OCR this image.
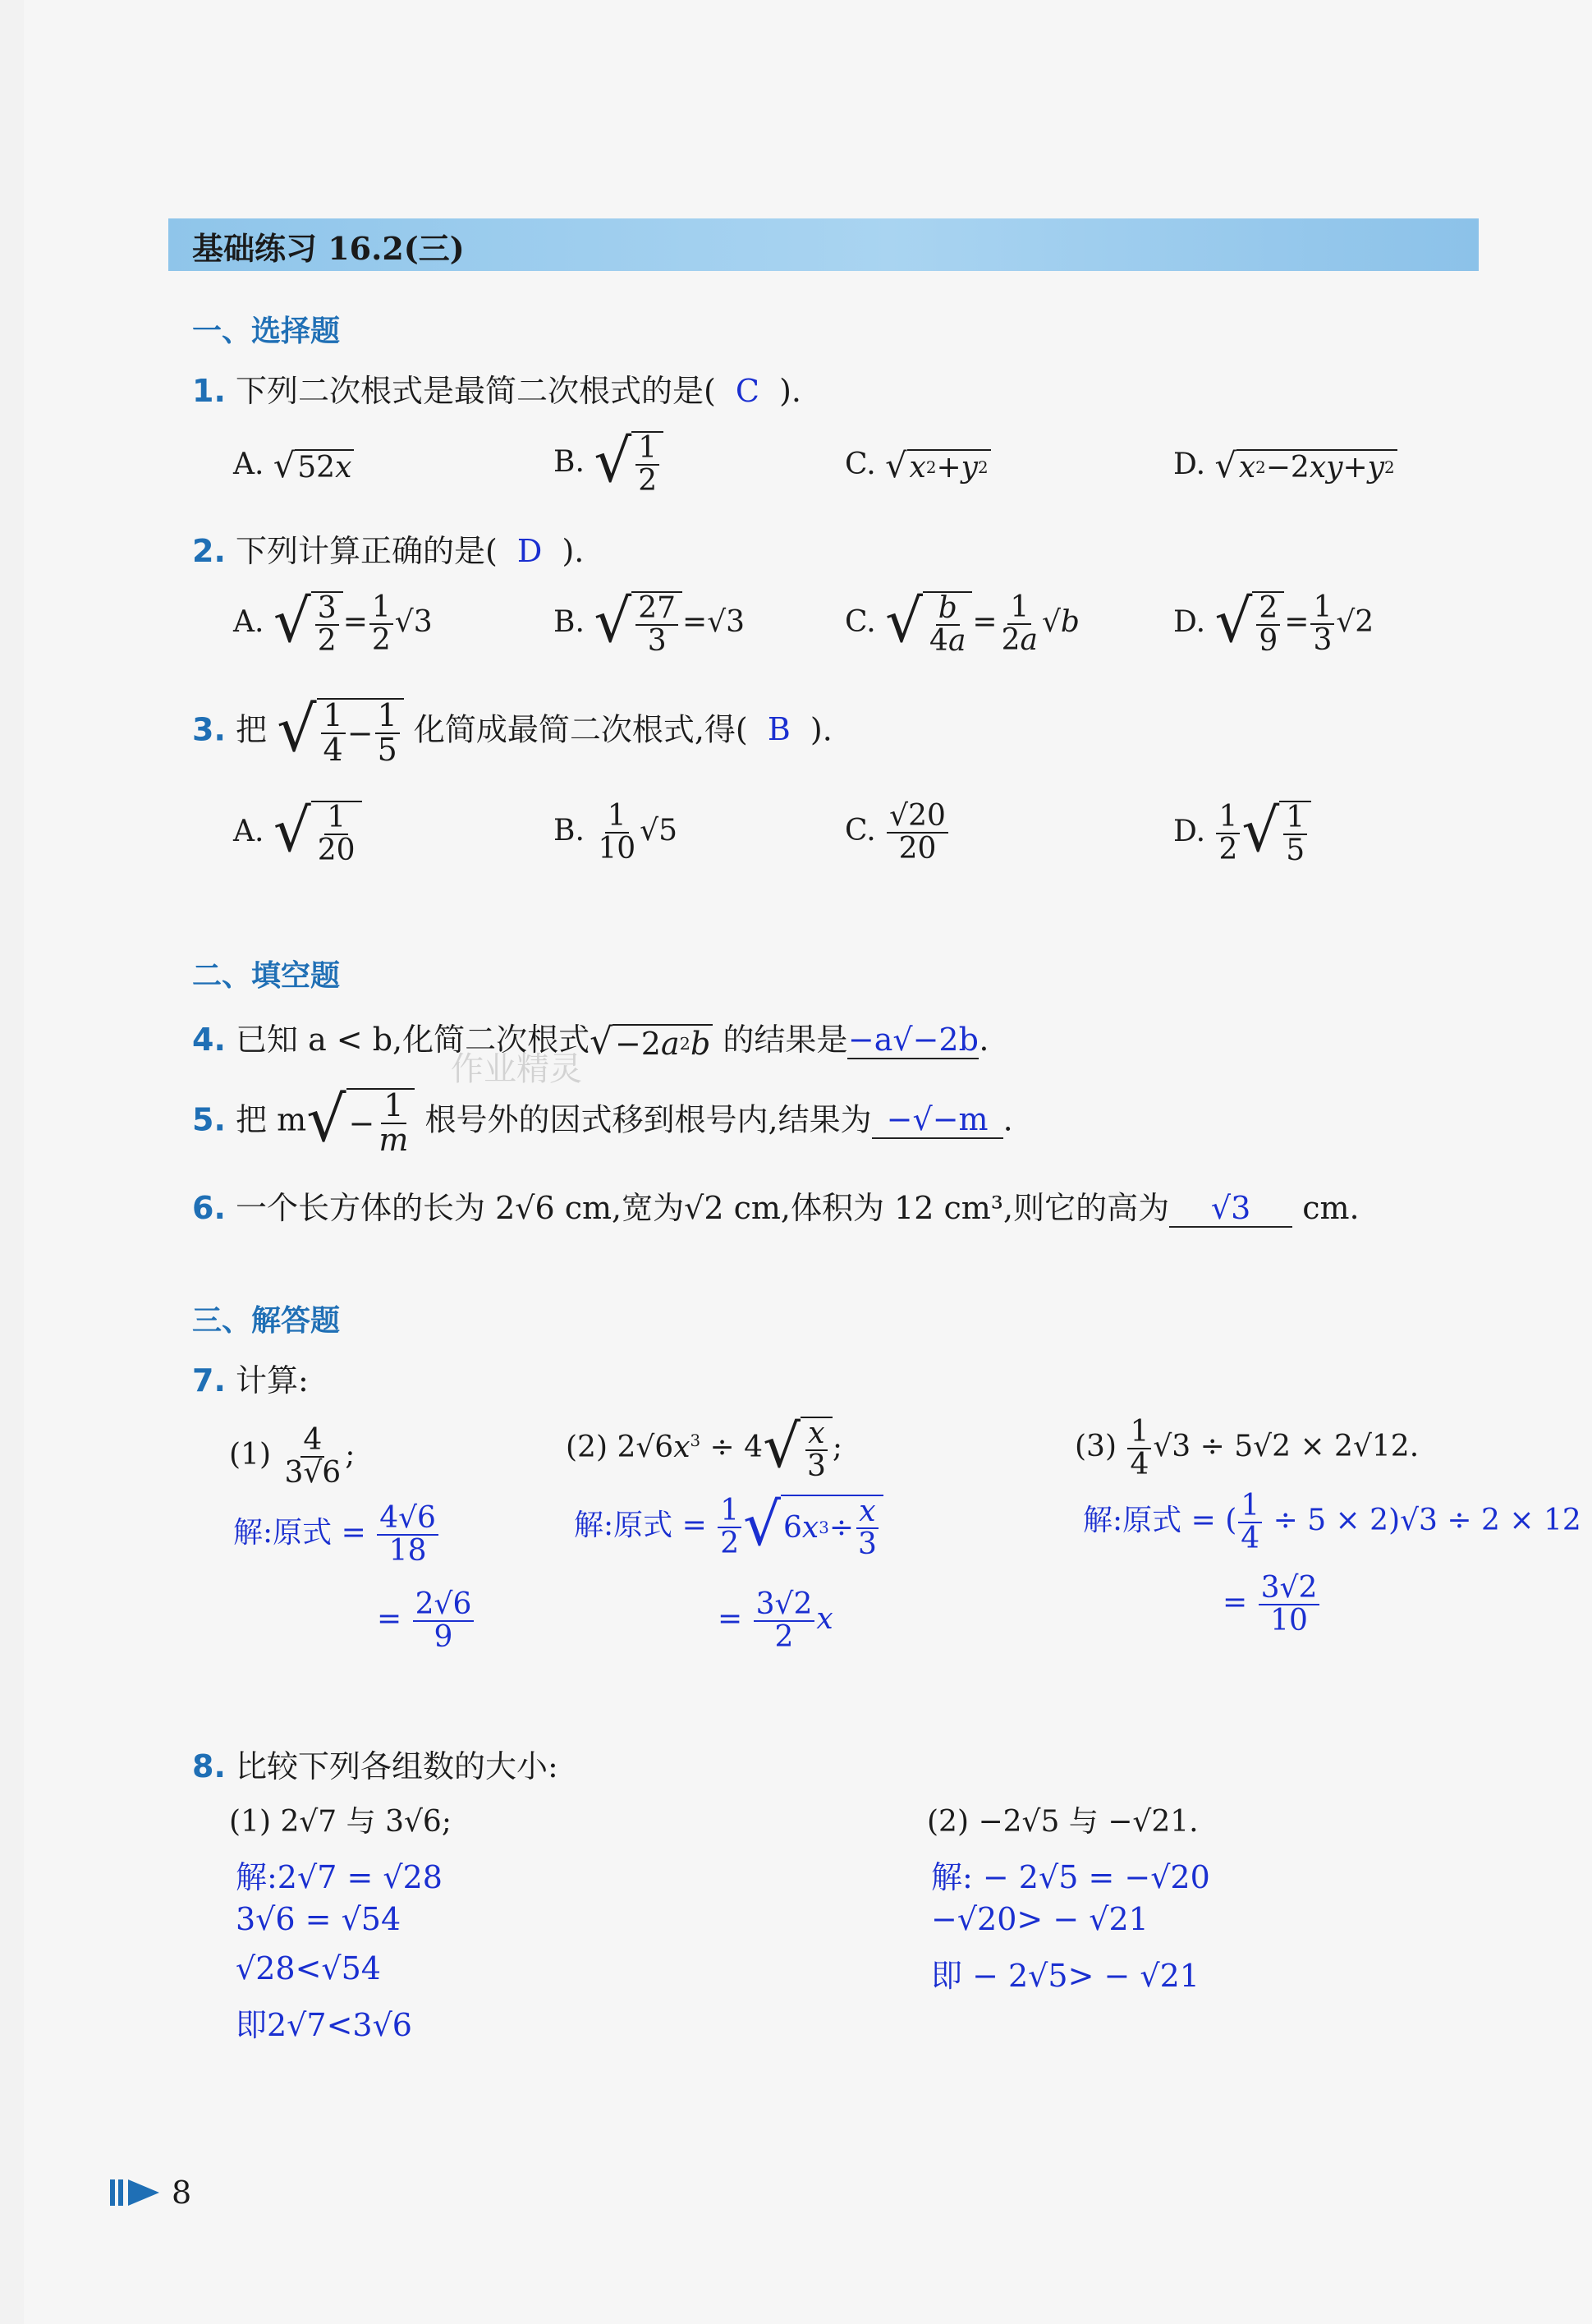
基础练习 16.2(三)
一、选择题
1. 下列二次根式是最简二次根式的是( C ).
A. √ 52 x	B. √ $\frac{1}{2}$	C. √ x 2 + y 2	D. √ x 2 −2 xy + y 2
2. 下列计算正确的是( D ).
A. √ $\frac{3}{2} = \frac{1}{2} √3$	B. √ $\frac{27}{3} =√3$	C. √ $\frac{b}{4a} = \frac{1}{2a} √b$	D. √ $\frac{2}{9} = \frac{1}{3} √2$
3. 把 √ $\frac{1}{4} - \frac{1}{5}$ 化简成最简二次根式,得( B ).
A. √ $\frac{1}{20}$	B. $\frac{1}{10} √5$	C. $\frac{√20}{20}$	D. $\frac{1}{2}$ √ $\frac{1}{5}$
二、填空题
4. 已知 a < b,化简二次根式 √ −2 a 2 b 的结果是−a√−2b.
作业精灵
5. 把 m √ − $\frac{1}{m}$ 根号外的因式移到根号内,结果为 −√−m .
6. 一个长方体的长为 2√6 cm,宽为√2 cm,体积为 12 cm³,则它的高为 √3 cm.
三、解答题
7. 计算:
$(1) \frac{4}{3√6}$ ;
解:原式 = $\frac{4√6}{18}$
= $\frac{2√6}{9}$
(2) $2√6x^3 \div 4$ √ $\frac{x}{3}$ ;
解:原式 = $\frac{1}{2}$ √ 6 x $3 \div \frac{x}{3}$
= $\frac{3√2}{2}$ x
$(3) \frac{1}{4} √3 \div 5√2 \times 2√12$.
解:原式 = ( $\frac{1}{4} \div 5 \times 2)√3 \div 2 \times 12$
= $\frac{3√2}{10}$
8. 比较下列各组数的大小:
(1) 2√7 与 3√6;	(2) −2√5 与 −√21.
解:2√7 = √28
3√6 = √54
√28<√54
即2√7<3√6
解: − 2√5 = −√20
−√20> − √21
即 − 2√5> − √21
8
